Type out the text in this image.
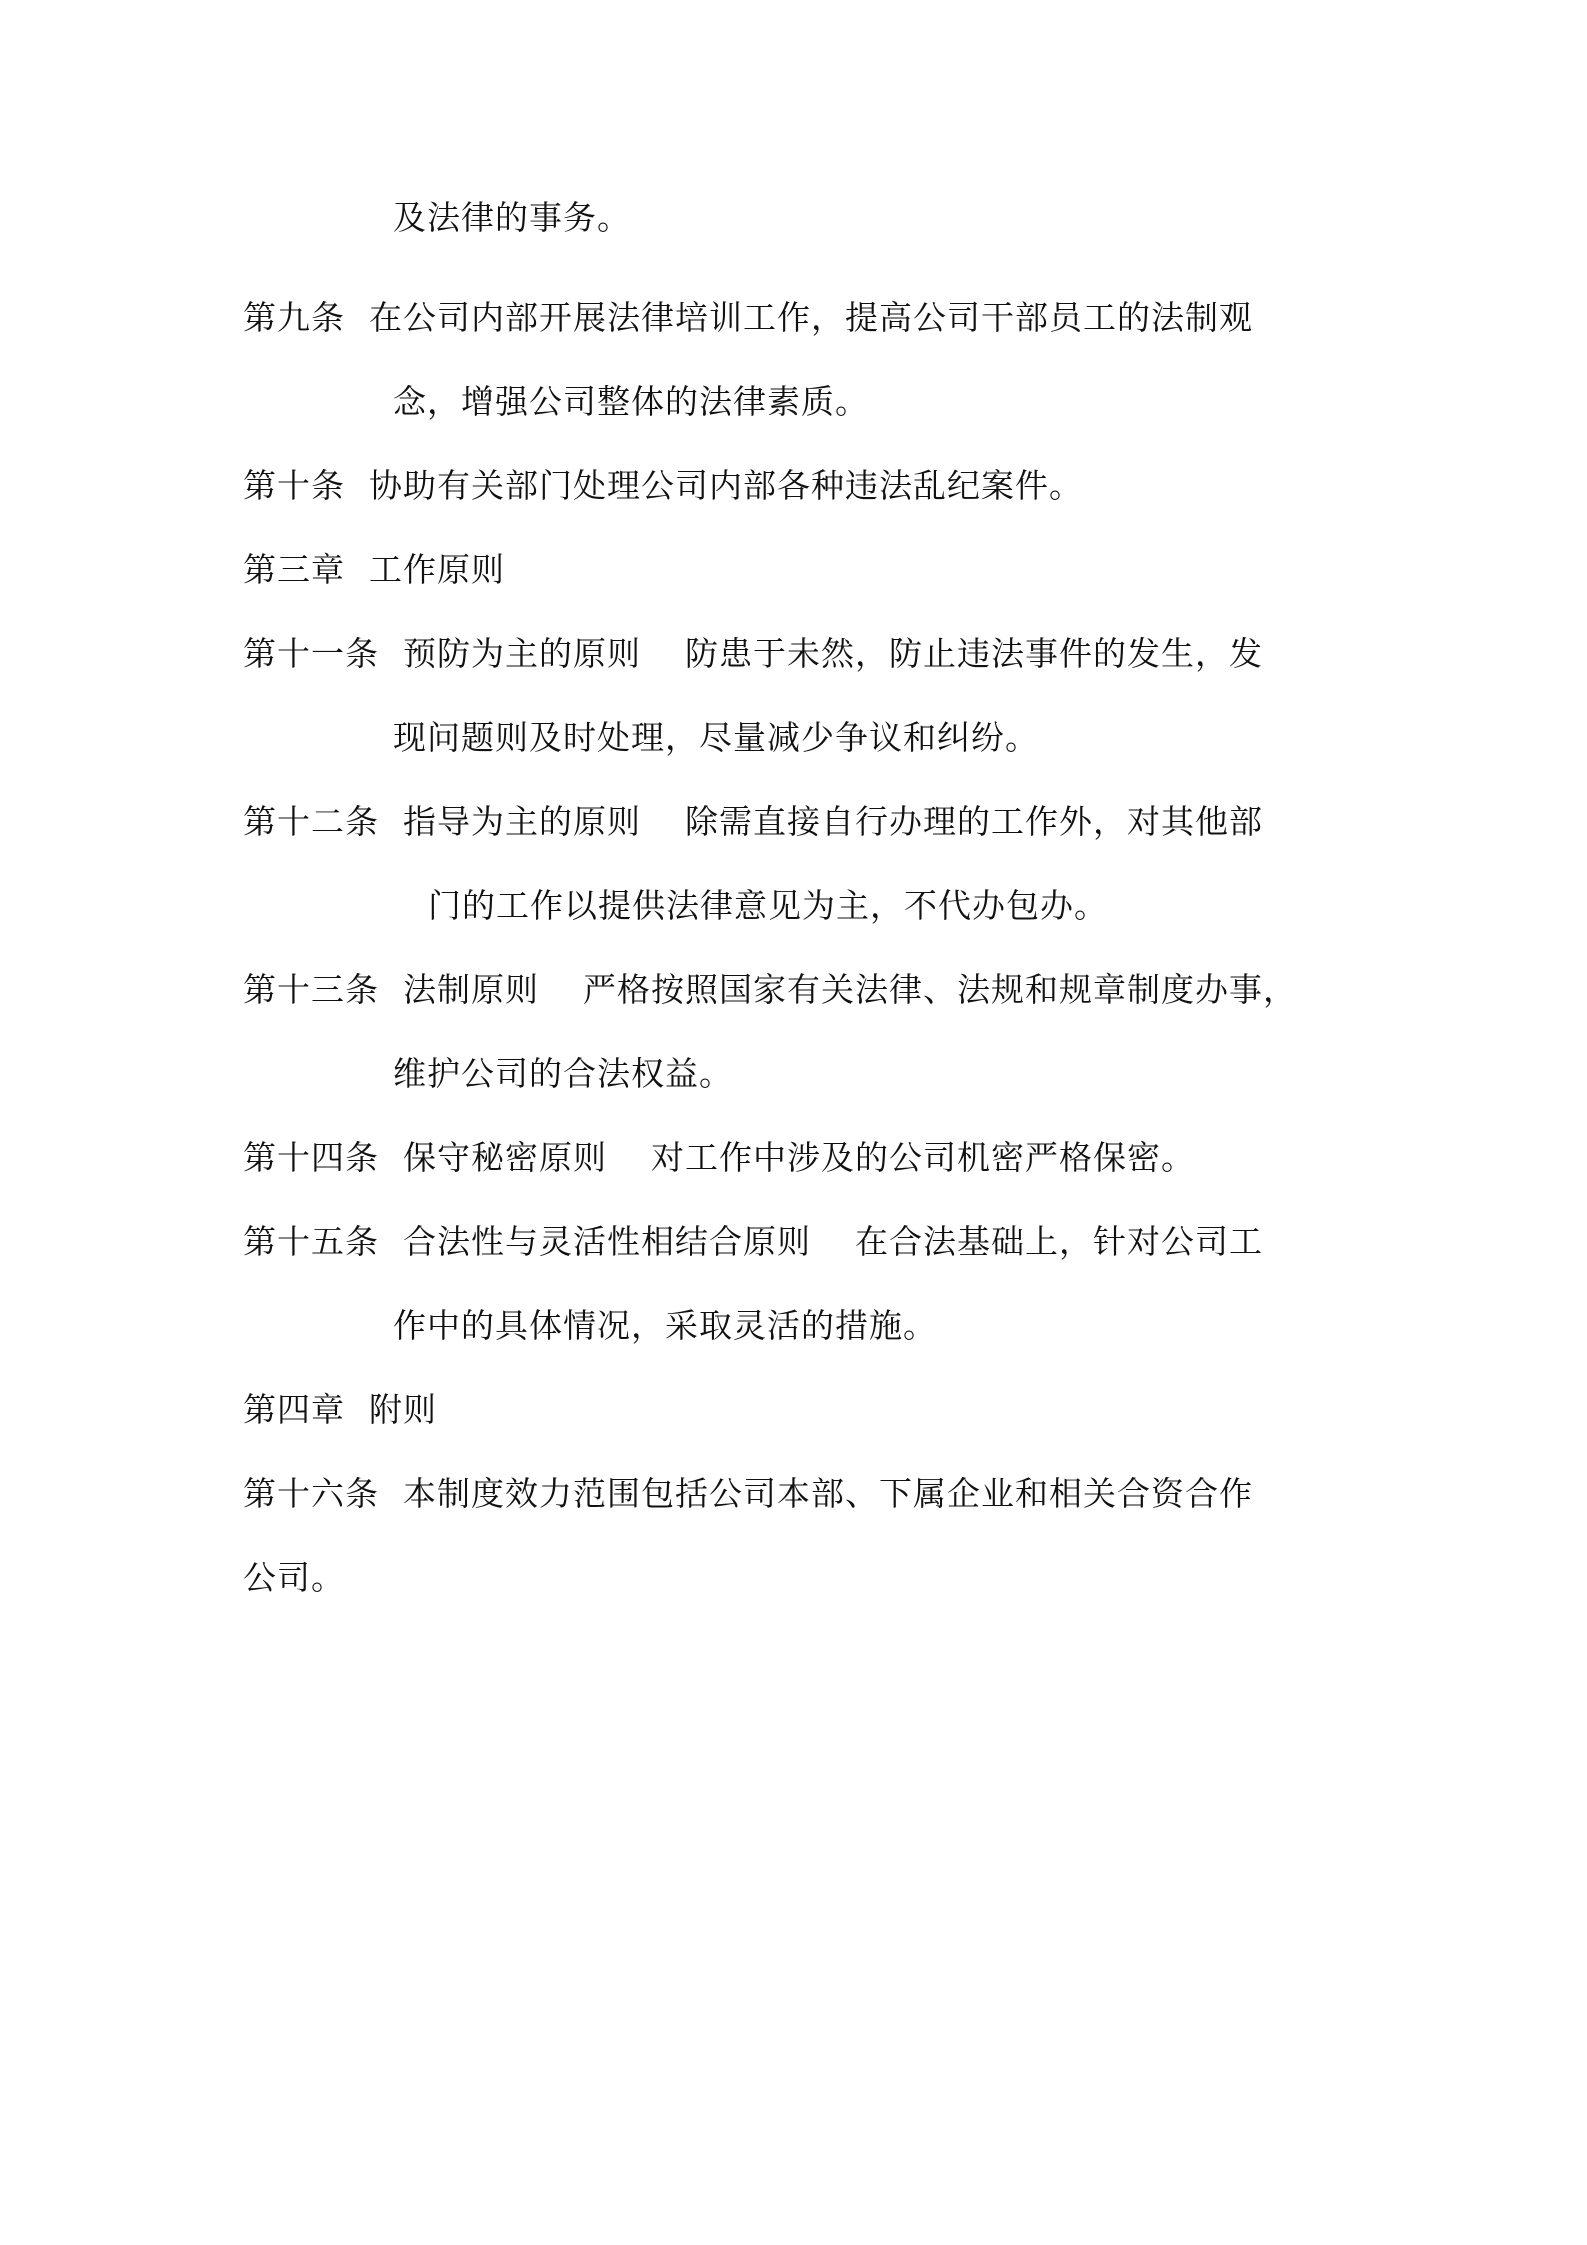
及法律的事务。
第九条 在公司内部开展法律培训工作，提高公司干部员工的法制观
念，增强公司整体的法律素质。
第十条 协助有关部门处理公司内部各种违法乱纪案件。
第三章 工作原则
第十一条 预防为主的原则 防患于未然，防止违法事件的发生，发
现问题则及时处理，尽量减少争议和纠纷。
第十二条 指导为主的原则 除需直接自行办理的工作外，对其他部
门的工作以提供法律意见为主，不代办包办。
第十三条 法制原则 严格按照国家有关法律、法规和规章制度办事，
维护公司的合法权益。
第十四条 保守秘密原则 对工作中涉及的公司机密严格保密。
第十五条 合法性与灵活性相结合原则 在合法基础上，针对公司工
作中的具体情况，采取灵活的措施。
第四章 附则
第十六条 本制度效力范围包括公司本部、下属企业和相关合资合作
公司。
